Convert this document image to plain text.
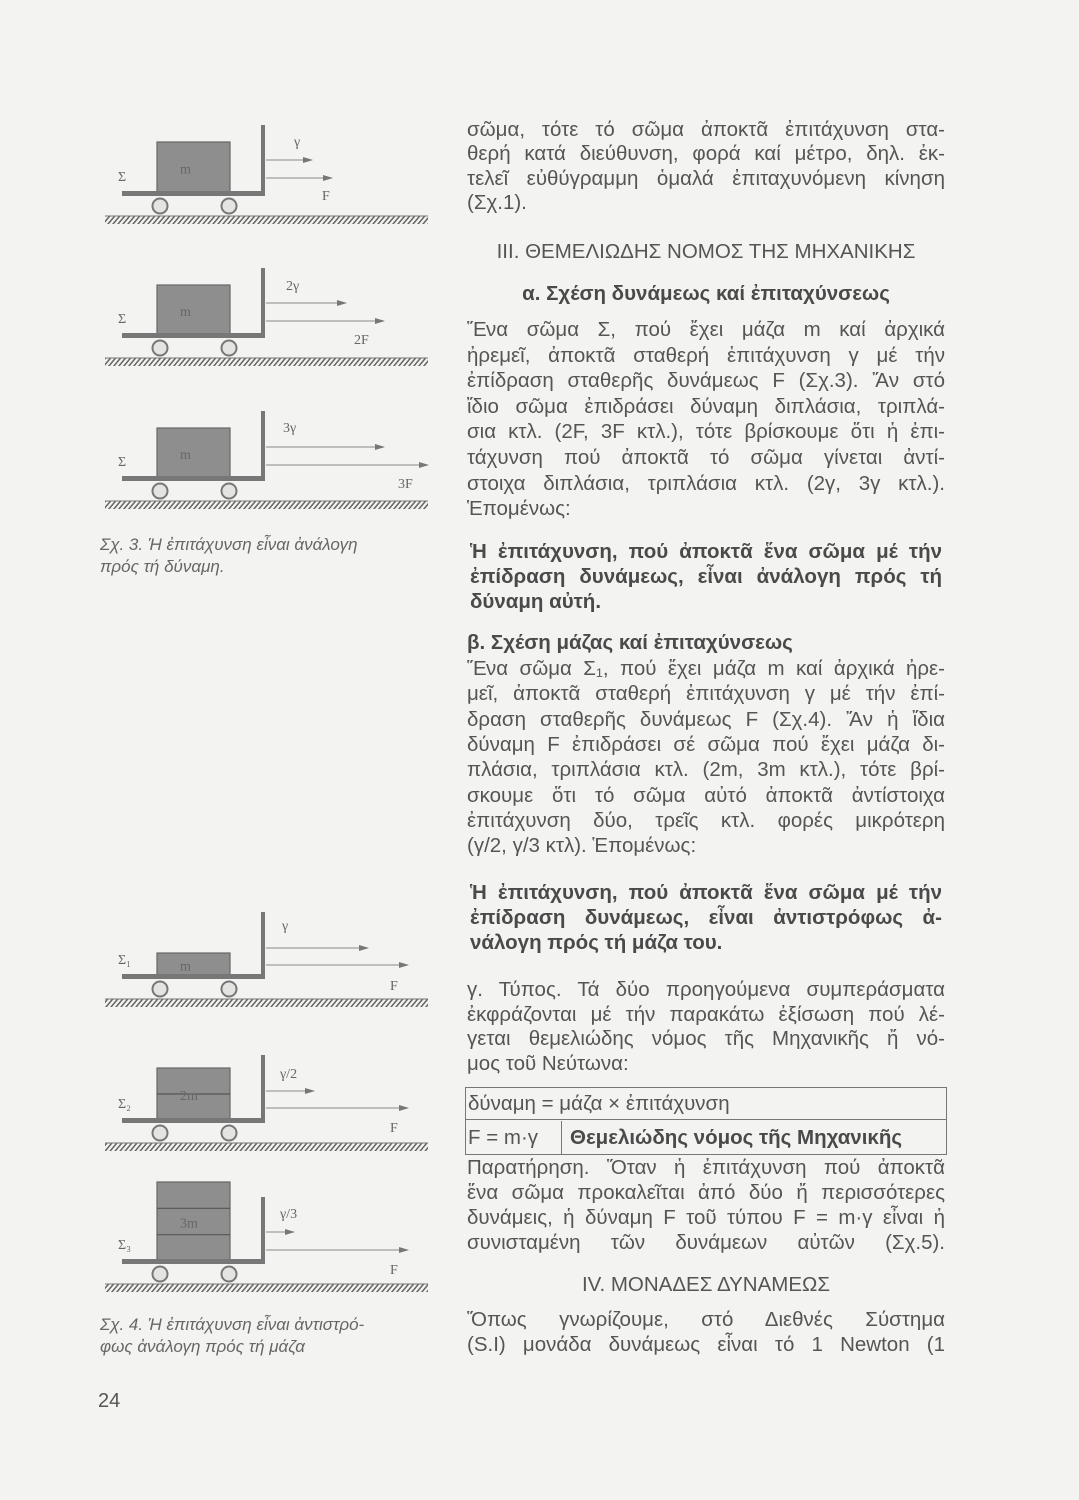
Σ	m
γ
F
Σ	m
2γ
2F
Σ	m
3γ
3F
Σ₁	m
γ
F
Σ₂
2m
γ/2
F
Σ₃
3m
γ/3
F
δύναμη = μάζα × ἐπιτάχυνση
F = m·γ	Θεμελιώδης νόμος τῆς Μηχανικῆς
24
σῶμα, τότε τό σῶμα ἀποκτᾶ ἐπιτάχυνση στα-
θερή κατά διεύθυνση, φορά καί μέτρο, δηλ. ἐκ-
τελεῖ εὐθύγραμμη ὁμαλά ἐπιταχυνόμενη κίνηση
(Σχ.1).
III. ΘΕΜΕΛΙΩΔΗΣ ΝΟΜΟΣ ΤΗΣ ΜΗΧΑΝΙΚΗΣ
α. Σχέση δυνάμεως καί ἐπιταχύνσεως
Ἕνα σῶμα Σ, πού ἔχει μάζα m καί ἀρχικά
ἠρεμεῖ, ἀποκτᾶ σταθερή ἐπιτάχυνση γ μέ τήν
ἐπίδραση σταθερῆς δυνάμεως F (Σχ.3). Ἄν στό
ἴδιο σῶμα ἐπιδράσει δύναμη διπλάσια, τριπλά-
σια κτλ. (2F, 3F κτλ.), τότε βρίσκουμε ὅτι ἡ ἐπι-
τάχυνση πού ἀποκτᾶ τό σῶμα γίνεται ἀντί-
στοιχα διπλάσια, τριπλάσια κτλ. (2γ, 3γ κτλ.).
Ἑπομένως:
Ἡ ἐπιτάχυνση, πού ἀποκτᾶ ἕνα σῶμα μέ τήν
ἐπίδραση δυνάμεως, εἶναι ἀνάλογη πρός τή
δύναμη αὐτή.
β. Σχέση μάζας καί ἐπιταχύνσεως
Ἕνα σῶμα Σ₁, πού ἔχει μάζα m καί ἀρχικά ἠρε-
μεῖ, ἀποκτᾶ σταθερή ἐπιτάχυνση γ μέ τήν ἐπί-
δραση σταθερῆς δυνάμεως F (Σχ.4). Ἄν ἡ ἴδια
δύναμη F ἐπιδράσει σέ σῶμα πού ἔχει μάζα δι-
πλάσια, τριπλάσια κτλ. (2m, 3m κτλ.), τότε βρί-
σκουμε ὅτι τό σῶμα αὐτό ἀποκτᾶ ἀντίστοιχα
ἐπιτάχυνση δύο, τρεῖς κτλ. φορές μικρότερη
(γ/2, γ/3 κτλ). Ἑπομένως:
Ἡ ἐπιτάχυνση, πού ἀποκτᾶ ἕνα σῶμα μέ τήν
ἐπίδραση δυνάμεως, εἶναι ἀντιστρόφως ἀ-
νάλογη πρός τή μάζα του.
γ. Τύπος. Τά δύο προηγούμενα συμπεράσματα
ἐκφράζονται μέ τήν παρακάτω ἐξίσωση πού λέ-
γεται θεμελιώδης νόμος τῆς Μηχανικῆς ἤ νό-
μος τοῦ Νεύτωνα:
Παρατήρηση. Ὅταν ἡ ἐπιτάχυνση πού ἀποκτᾶ
ἕνα σῶμα προκαλεῖται ἀπό δύο ἤ περισσότερες
δυνάμεις, ἡ δύναμη F τοῦ τύπου F = m·γ εἶναι ἡ
συνισταμένη τῶν δυνάμεων αὐτῶν (Σχ.5).
IV. ΜΟΝΑΔΕΣ ΔΥΝΑΜΕΩΣ
Ὅπως γνωρίζουμε, στό Διεθνές Σύστημα
(S.I) μονάδα δυνάμεως εἶναι τό 1 Newton (1
Σχ. 3. Ἡ ἐπιτάχυνση εἶναι ἀνάλογη
πρός τή δύναμη.
Σχ. 4. Ἡ ἐπιτάχυνση εἶναι ἀντιστρό-
φως ἀνάλογη πρός τή μάζα
